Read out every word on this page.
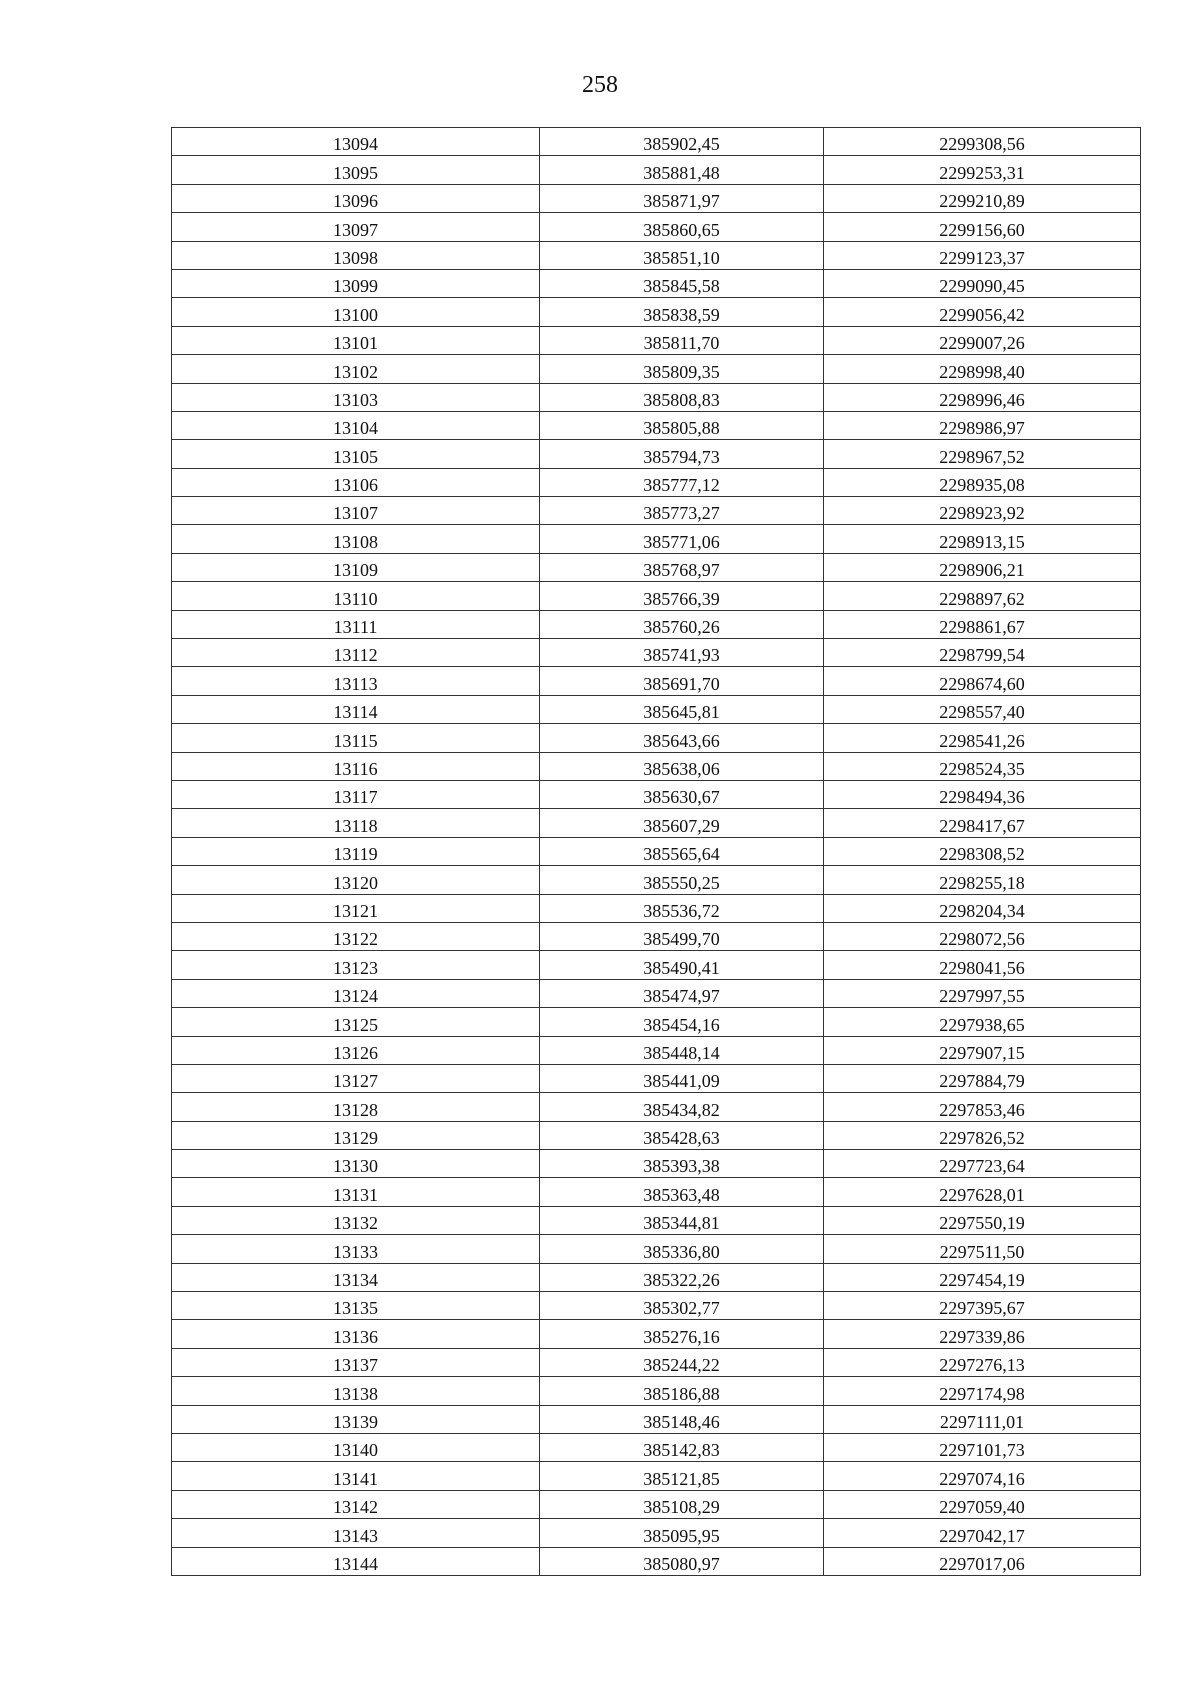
258
13094	385902,45	2299308,56
13095	385881,48	2299253,31
13096	385871,97	2299210,89
13097	385860,65	2299156,60
13098	385851,10	2299123,37
13099	385845,58	2299090,45
13100	385838,59	2299056,42
13101	385811,70	2299007,26
13102	385809,35	2298998,40
13103	385808,83	2298996,46
13104	385805,88	2298986,97
13105	385794,73	2298967,52
13106	385777,12	2298935,08
13107	385773,27	2298923,92
13108	385771,06	2298913,15
13109	385768,97	2298906,21
13110	385766,39	2298897,62
13111	385760,26	2298861,67
13112	385741,93	2298799,54
13113	385691,70	2298674,60
13114	385645,81	2298557,40
13115	385643,66	2298541,26
13116	385638,06	2298524,35
13117	385630,67	2298494,36
13118	385607,29	2298417,67
13119	385565,64	2298308,52
13120	385550,25	2298255,18
13121	385536,72	2298204,34
13122	385499,70	2298072,56
13123	385490,41	2298041,56
13124	385474,97	2297997,55
13125	385454,16	2297938,65
13126	385448,14	2297907,15
13127	385441,09	2297884,79
13128	385434,82	2297853,46
13129	385428,63	2297826,52
13130	385393,38	2297723,64
13131	385363,48	2297628,01
13132	385344,81	2297550,19
13133	385336,80	2297511,50
13134	385322,26	2297454,19
13135	385302,77	2297395,67
13136	385276,16	2297339,86
13137	385244,22	2297276,13
13138	385186,88	2297174,98
13139	385148,46	2297111,01
13140	385142,83	2297101,73
13141	385121,85	2297074,16
13142	385108,29	2297059,40
13143	385095,95	2297042,17
13144	385080,97	2297017,06
